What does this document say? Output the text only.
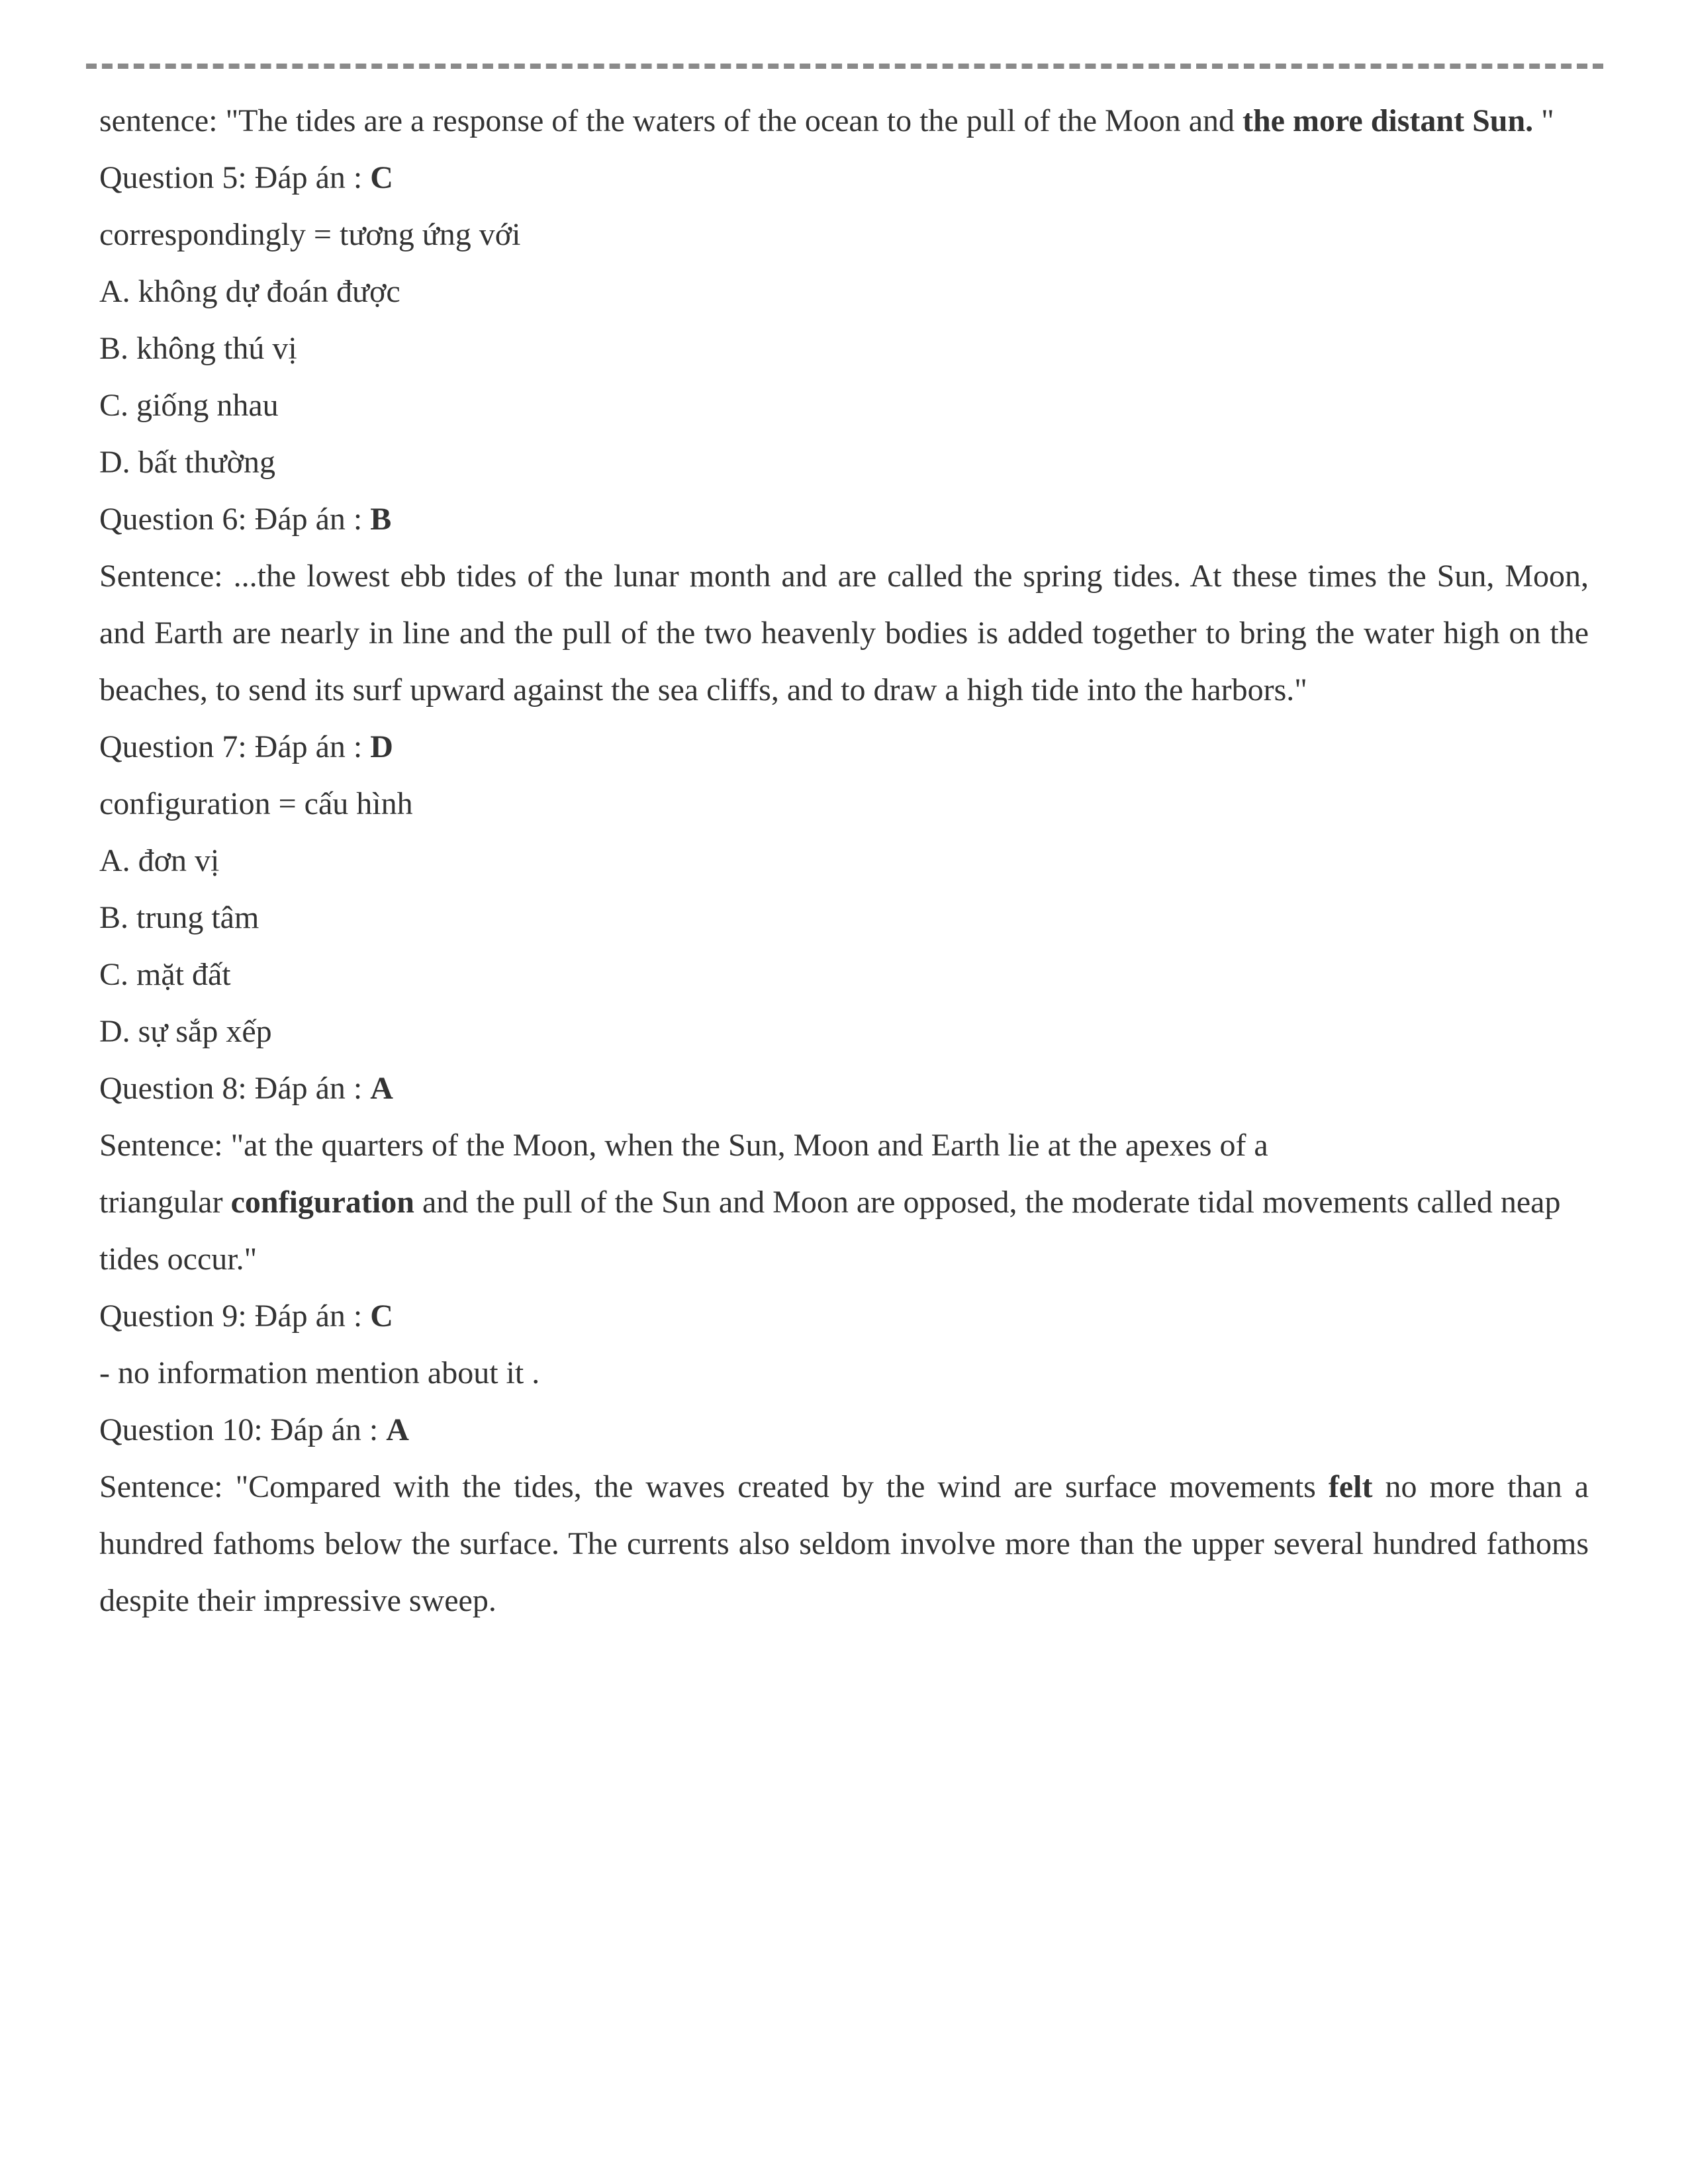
sentence: "The tides are a response of the waters of the ocean to the pull of the Moon and the more distant Sun. "

Question 5: Đáp án : C

correspondingly = tương ứng với

A. không dự đoán được

B. không thú vị

C. giống nhau

D. bất thường

Question 6: Đáp án : B

Sentence: ...the lowest ebb tides of the lunar month and are called the spring tides. At these times the Sun, Moon, and Earth are nearly in line and the pull of the two heavenly bodies is added together to bring the water high on the beaches, to send its surf upward against the sea cliffs, and to draw a high tide into the harbors."

Question 7: Đáp án : D

configuration = cấu hình

A. đơn vị

B. trung tâm

C. mặt đất

D. sự sắp xếp

Question 8: Đáp án : A

Sentence: "at the quarters of the Moon, when the Sun, Moon and Earth lie at the apexes of a

triangular configuration and the pull of the Sun and Moon are opposed, the moderate tidal movements called neap tides occur."

Question 9: Đáp án : C

- no information mention about it .

Question 10: Đáp án : A

Sentence: "Compared with the tides, the waves created by the wind are surface movements felt no more than a hundred fathoms below the surface. The currents also seldom involve more than the upper several hundred fathoms despite their impressive sweep.
